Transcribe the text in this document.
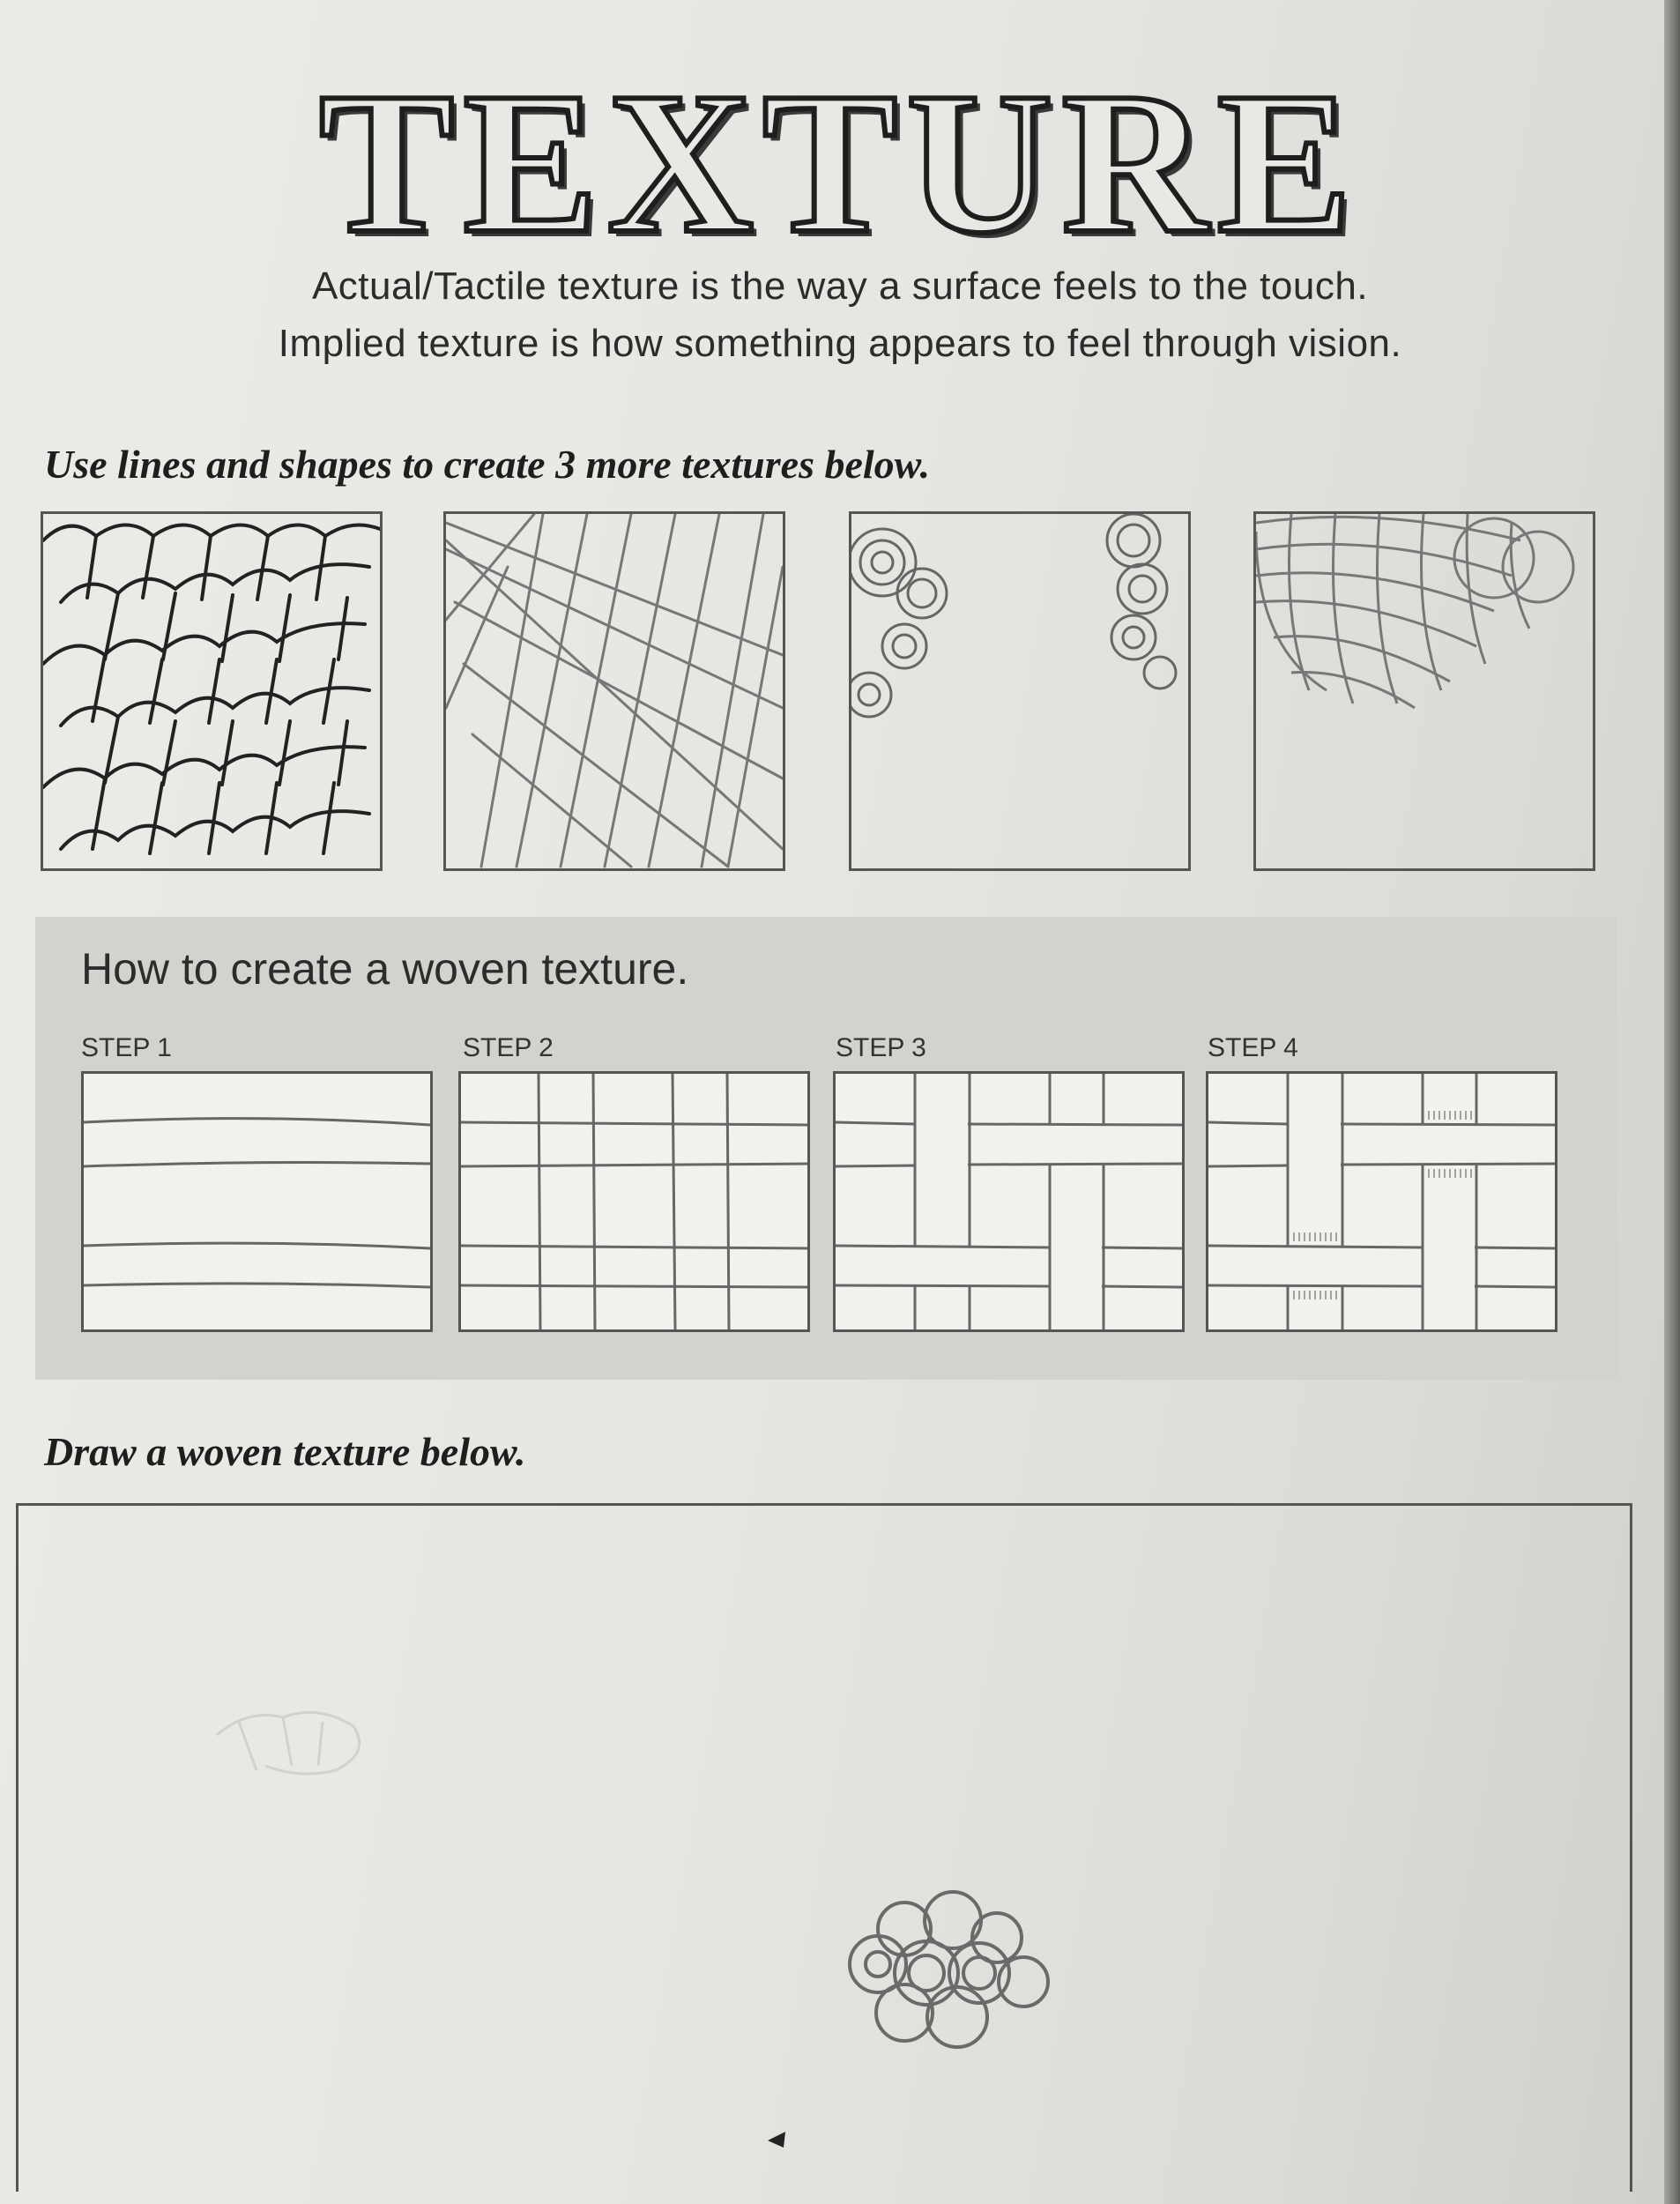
TEXTURE
Actual/Tactile texture is the way a surface feels to the touch.
Implied texture is how something appears to feel through vision.
Use lines and shapes to create 3 more textures below.
How to create a woven texture.
STEP 1	STEP 2	STEP 3	STEP 4
Draw a woven texture below.
